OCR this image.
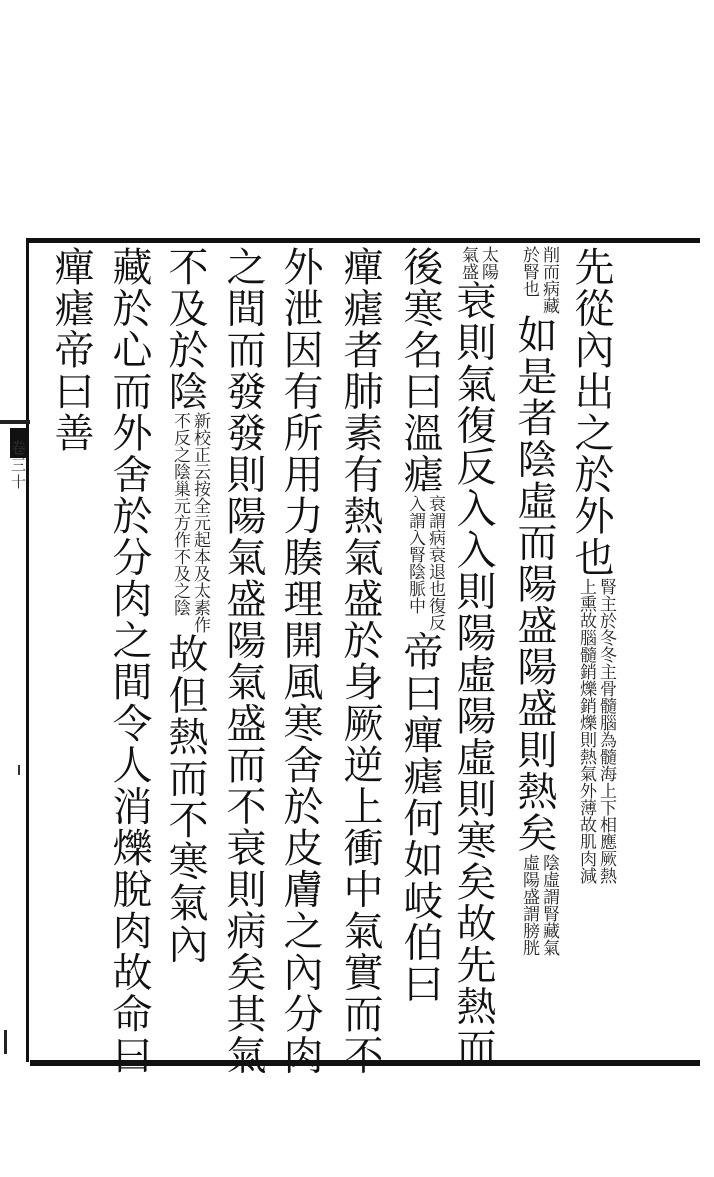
卷三十	先從內出之於外也
腎主於冬冬主骨髓腦為髓海上下相應厥熱
上熏故腦髓銷爍銷爍則熱氣外薄故肌肉減
削而病藏
於腎也
如是者陰虛而陽盛陽盛則熱矣
陰虛謂腎藏氣
虛陽盛謂膀胱
太陽
氣盛
衰則氣復反入入則陽虛陽虛則寒矣故先熱而
後寒名曰溫瘧
衰謂病衰退也復反
入謂入腎陰脈中
帝曰癉瘧何如岐伯曰
癉瘧者肺素有熱氣盛於身厥逆上衝中氣實而不
外泄因有所用力腠理開風寒舍於皮膚之內分肉
之間而發發則陽氣盛陽氣盛而不衰則病矣其氣
不及於陰
新校正云按全元起本及太素作
不反之陰巢元方作不及之陰
故但熱而不寒氣內
藏於心而外舍於分肉之間令人消爍脫肉故命曰
癉瘧帝曰善
